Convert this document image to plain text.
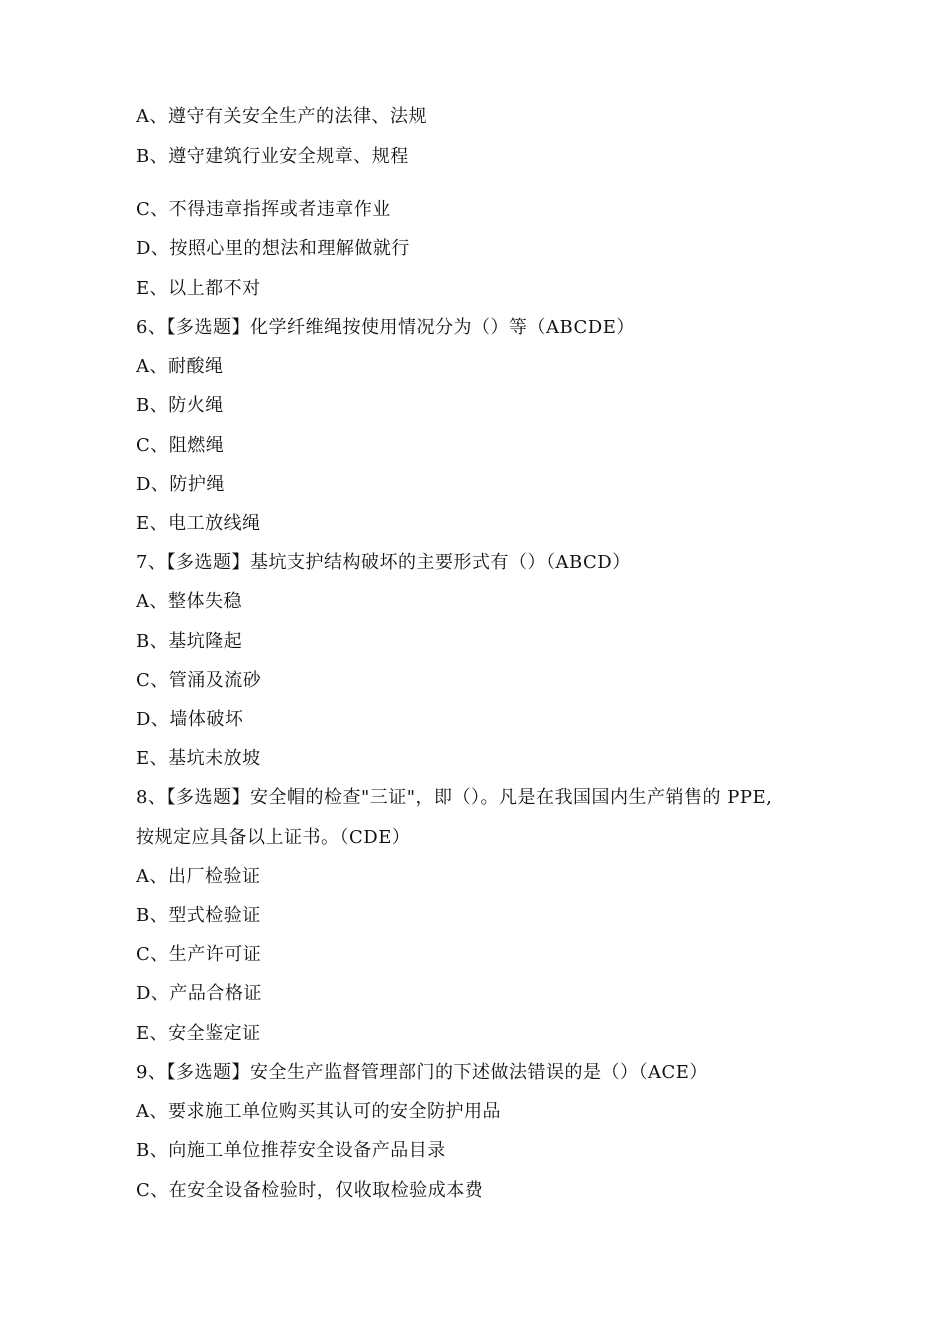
A、遵守有关安全生产的法律、法规
B、遵守建筑行业安全规章、规程
C、不得违章指挥或者违章作业
D、按照心里的想法和理解做就行
E、以上都不对
6、【多选题】化学纤维绳按使用情况分为（）等（ABCDE）
A、耐酸绳
B、防火绳
C、阻燃绳
D、防护绳
E、电工放线绳
7、【多选题】基坑支护结构破坏的主要形式有（）（ABCD）
A、整体失稳
B、基坑隆起
C、管涌及流砂
D、墙体破坏
E、基坑未放坡
8、【多选题】安全帽的检查"三证"，即（）。凡是在我国国内生产销售的 PPE,
按规定应具备以上证书。（CDE）
A、出厂检验证
B、型式检验证
C、生产许可证
D、产品合格证
E、安全鉴定证
9、【多选题】安全生产监督管理部门的下述做法错误的是（）（ACE）
A、要求施工单位购买其认可的安全防护用品
B、向施工单位推荐安全设备产品目录
C、在安全设备检验时，仅收取检验成本费
